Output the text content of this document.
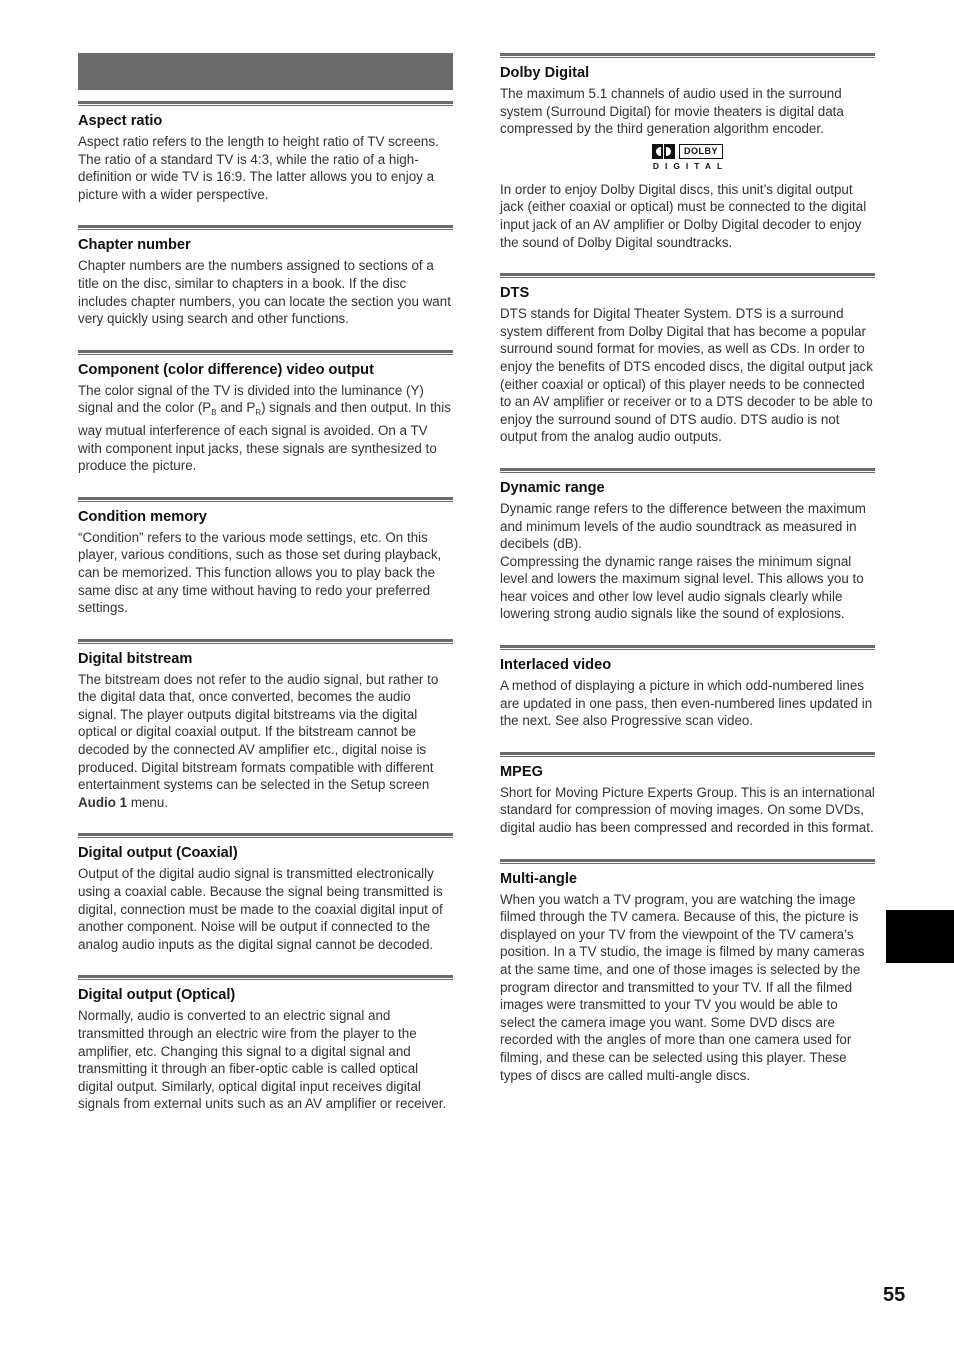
Aspect ratio

Aspect ratio refers to the length to height ratio of TV screens. The ratio of a standard TV is 4:3, while the ratio of a high-definition or wide TV is 16:9. The latter allows you to enjoy a picture with a wider perspective.

Chapter number

Chapter numbers are the numbers assigned to sections of a title on the disc, similar to chapters in a book. If the disc includes chapter numbers, you can locate the section you want very quickly using search and other functions.

Component (color difference) video output

The color signal of the TV is divided into the luminance (Y) signal and the color ($P_B$ and $P_R$) signals and then output. In this way mutual interference of each signal is avoided. On a TV with component input jacks, these signals are synthesized to produce the picture.

Condition memory

“Condition” refers to the various mode settings, etc. On this player, various conditions, such as those set during playback, can be memorized. This function allows you to play back the same disc at any time without having to redo your preferred settings.

Digital bitstream

The bitstream does not refer to the audio signal, but rather to the digital data that, once converted, becomes the audio signal. The player outputs digital bitstreams via the digital optical or digital coaxial output. If the bitstream cannot be decoded by the connected AV amplifier etc., digital noise is produced. Digital bitstream formats compatible with different entertainment systems can be selected in the Setup screen Audio 1 menu.

Digital output (Coaxial)

Output of the digital audio signal is transmitted electronically using a coaxial cable. Because the signal being transmitted is digital, connection must be made to the coaxial digital input of another component. Noise will be output if connected to the analog audio inputs as the digital signal cannot be decoded.

Digital output (Optical)

Normally, audio is converted to an electric signal and transmitted through an electric wire from the player to the amplifier, etc. Changing this signal to a digital signal and transmitting it through an fiber-optic cable is called optical digital output. Similarly, optical digital input receives digital signals from external units such as an AV amplifier or receiver.

Dolby Digital

The maximum 5.1 channels of audio used in the surround system (Surround Digital) for movie theaters is digital data compressed by the third generation algorithm encoder.

DOLBY
DIGITAL

In order to enjoy Dolby Digital discs, this unit’s digital output jack (either coaxial or optical) must be connected to the digital input jack of an AV amplifier or Dolby Digital decoder to enjoy the sound of Dolby Digital soundtracks.

DTS

DTS stands for Digital Theater System. DTS is a surround system different from Dolby Digital that has become a popular surround sound format for movies, as well as CDs. In order to enjoy the benefits of DTS encoded discs, the digital output jack (either coaxial or optical) of this player needs to be connected to an AV amplifier or receiver or to a DTS decoder to be able to enjoy the surround sound of DTS audio. DTS audio is not output from the analog audio outputs.

Dynamic range

Dynamic range refers to the difference between the maximum and minimum levels of the audio soundtrack as measured in decibels (dB).

Compressing the dynamic range raises the minimum signal level and lowers the maximum signal level. This allows you to hear voices and other low level audio signals clearly while lowering strong audio signals like the sound of explosions.

Interlaced video

A method of displaying a picture in which odd-numbered lines are updated in one pass, then even-numbered lines updated in the next. See also Progressive scan video.

MPEG

Short for Moving Picture Experts Group. This is an international standard for compression of moving images. On some DVDs, digital audio has been compressed and recorded in this format.

Multi-angle

When you watch a TV program, you are watching the image filmed through the TV camera. Because of this, the picture is displayed on your TV from the viewpoint of the TV camera’s position. In a TV studio, the image is filmed by many cameras at the same time, and one of those images is selected by the program director and transmitted to your TV. If all the filmed images were transmitted to your TV you would be able to select the camera image you want. Some DVD discs are recorded with the angles of more than one camera used for filming, and these can be selected using this player. These types of discs are called multi-angle discs.

55
